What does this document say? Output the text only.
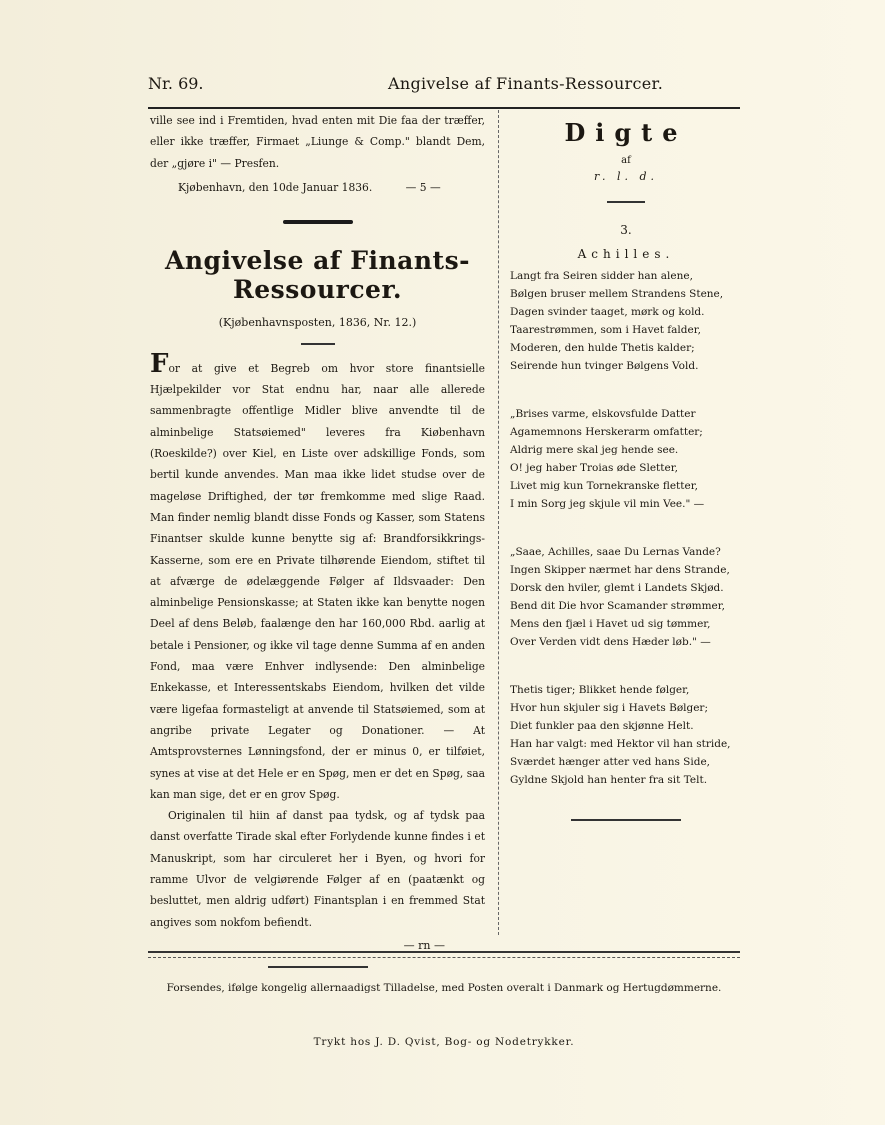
Nr. 69.	Angivelse af Finants-Ressourcer.

ville see ind i Fremtiden, hvad enten mit Die faa der træffer, eller ikke træffer, Firmaet „Liunge & Comp." blandt Dem, der „gjøre i" — Presfen.

Kjøbenhavn, den 10de Januar 1836.	— 5 —
Angivelse af Finants-Ressourcer.
(Kjøbenhavnsposten, 1836, Nr. 12.)

For at give et Begreb om hvor store finantsielle Hjælpekilder vor Stat endnu har, naar alle allerede sammenbragte offentlige Midler blive anvendte til de alminbelige Statsøiemed" leveres fra Kiøbenhavn (Roeskilde?) over Kiel, en Liste over adskillige Fonds, som bertil kunde anvendes. Man maa ikke lidet studse over de mageløse Driftighed, der tør fremkomme med slige Raad. Man finder nemlig blandt disse Fonds og Kasser, som Statens Finantser skulde kunne benytte sig af: Brandforsikkrings-Kasserne, som ere en Private tilhørende Eiendom, stiftet til at afværge de ødelæggende Følger af Ildsvaader: Den alminbelige Pensionskasse; at Staten ikke kan benytte nogen Deel af dens Beløb, faalænge den har 160,000 Rbd. aarlig at betale i Pensioner, og ikke vil tage denne Summa af en anden Fond, maa være Enhver indlysende: Den alminbelige Enkekasse, et Interessentskabs Eiendom, hvilken det vilde være ligefaa formasteligt at anvende til Statsøiemed, som at angribe private Legater og Donationer. — At Amtsprovsternes Lønningsfond, der er minus 0, er tilføiet, synes at vise at det Hele er en Spøg, men er det en Spøg, saa kan man sige, det er en grov Spøg.

Originalen til hiin af danst paa tydsk, og af tydsk paa danst overfatte Tirade skal efter Forlydende kunne findes i et Manuskript, som har circuleret her i Byen, og hvori for ramme Ulvor de velgiørende Følger af en (paatænkt og besluttet, men aldrig udført) Finantsplan i en fremmed Stat angives som nokfom befiendt.

— rn —
Digte
af
r. l. d.
3.
Achilles.
Langt fra Seiren sidder han alene,
Bølgen bruser mellem Strandens Stene,
Dagen svinder taaget, mørk og kold.
Taarestrømmen, som i Havet falder,
Moderen, den hulde Thetis kalder;
Seirende hun tvinger Bølgens Vold.
„Brises varme, elskovsfulde Datter
Agamemnons Herskerarm omfatter;
Aldrig mere skal jeg hende see.
O! jeg haber Troias øde Sletter,
Livet mig kun Tornekranske fletter,
I min Sorg jeg skjule vil min Vee." —
„Saae, Achilles, saae Du Lernas Vande?
Ingen Skipper nærmet har dens Strande,
Dorsk den hviler, glemt i Landets Skjød.
Bend dit Die hvor Scamander strømmer,
Mens den fjæl i Havet ud sig tømmer,
Over Verden vidt dens Hæder løb." —
Thetis tiger; Blikket hende følger,
Hvor hun skjuler sig i Havets Bølger;
Diet funkler paa den skjønne Helt.
Han har valgt: med Hektor vil han stride,
Sværdet hænger atter ved hans Side,
Gyldne Skjold han henter fra sit Telt.
Forsendes, ifølge kongelig allernaadigst Tilladelse, med Posten overalt i Danmark og Hertugdømmerne.
Trykt hos J. D. Qvist, Bog- og Nodetrykker.
